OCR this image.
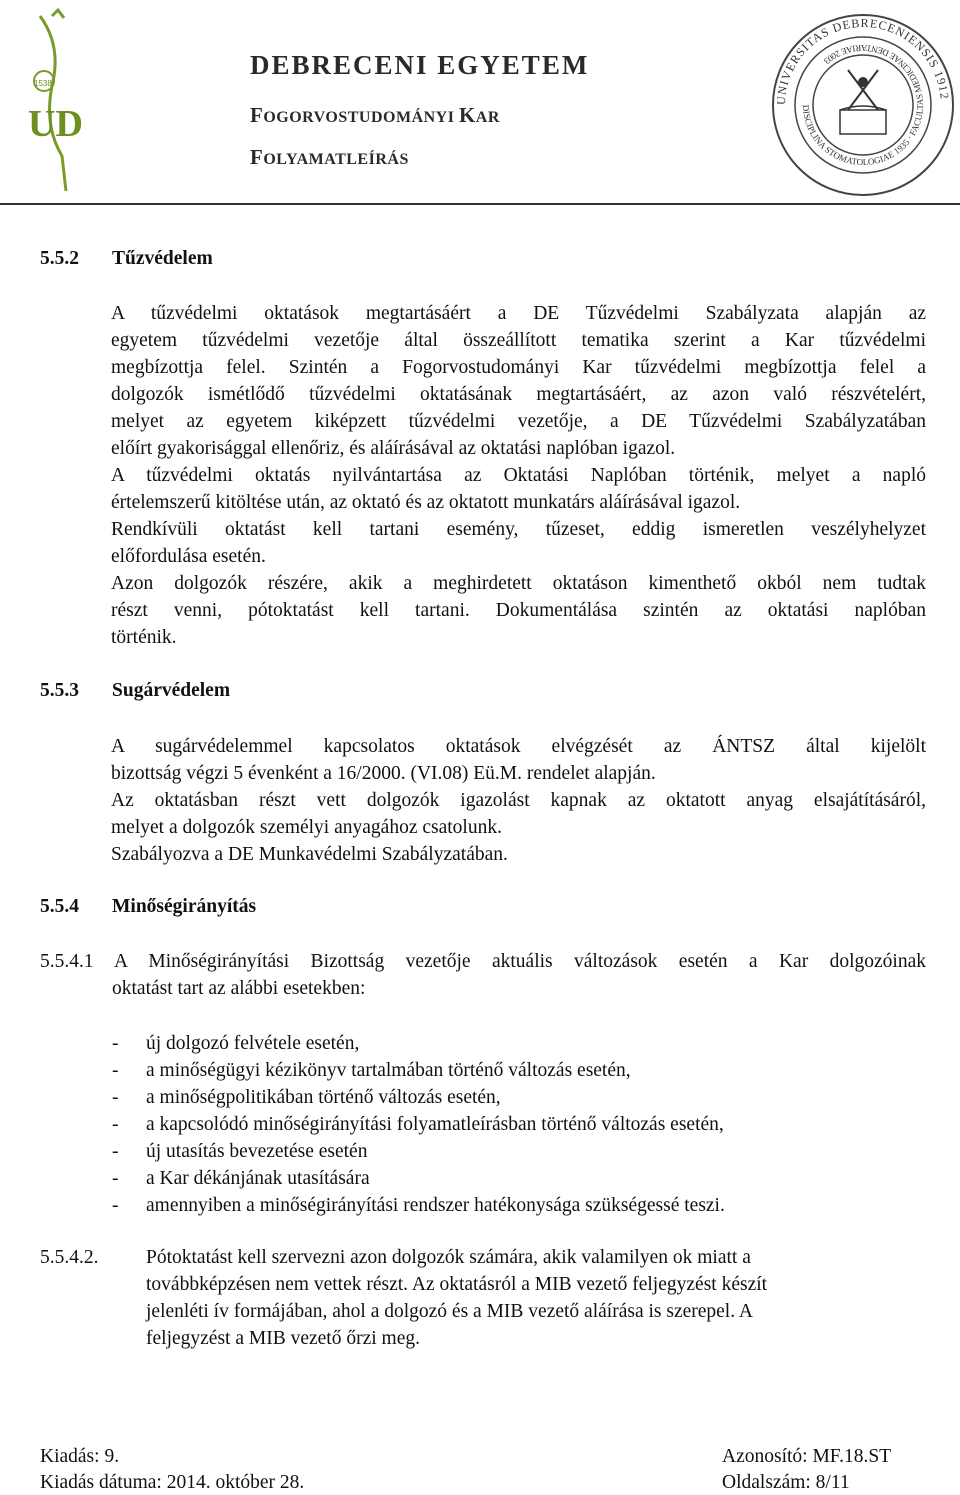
UD
1538
DEBRECENI EGYETEM
FOGORVOSTUDOMÁNYI KAR
FOLYAMATLEÍRÁS
UNIVERSITAS DEBRECENIENSIS 1912
DISCIPLINA STOMATOLOGIAE 1935 · FACULTAS MEDICINAE DENTARIAE 2003
5.5.2 Tűzvédelem
A tűzvédelmi oktatások megtartásáért a DE Tűzvédelmi Szabályzata alapján az
egyetem tűzvédelmi vezetője által összeállított tematika szerint a Kar tűzvédelmi
megbízottja felel. Szintén a Fogorvostudományi Kar tűzvédelmi megbízottja felel a
dolgozók ismétlődő tűzvédelmi oktatásának megtartásáért, az azon való részvételért,
melyet az egyetem kiképzett tűzvédelmi vezetője, a DE Tűzvédelmi Szabályzatában
előírt gyakorisággal ellenőriz, és aláírásával az oktatási naplóban igazol.
A tűzvédelmi oktatás nyilvántartása az Oktatási Naplóban történik, melyet a napló
értelemszerű kitöltése után, az oktató és az oktatott munkatárs aláírásával igazol.
Rendkívüli oktatást kell tartani esemény, tűzeset, eddig ismeretlen veszélyhelyzet
előfordulása esetén.
Azon dolgozók részére, akik a meghirdetett oktatáson kimenthető okból nem tudtak
részt venni, pótoktatást kell tartani. Dokumentálása szintén az oktatási naplóban
történik.
5.5.3 Sugárvédelem
A sugárvédelemmel kapcsolatos oktatások elvégzését az ÁNTSZ által kijelölt
bizottság végzi 5 évenként a 16/2000. (VI.08) Eü.M. rendelet alapján.
Az oktatásban részt vett dolgozók igazolást kapnak az oktatott anyag elsajátításáról,
melyet a dolgozók személyi anyagához csatolunk.
Szabályozva a DE Munkavédelmi Szabályzatában.
5.5.4 Minőségirányítás
5.5.4.1 A Minőségirányítási Bizottság vezetője aktuális változások esetén a Kar dolgozóinak
oktatást tart az alábbi esetekben:
- új dolgozó felvétele esetén,
- a minőségügyi kézikönyv tartalmában történő változás esetén,
- a minőségpolitikában történő változás esetén,
- a kapcsolódó minőségirányítási folyamatleírásban történő változás esetén,
- új utasítás bevezetése esetén
- a Kar dékánjának utasítására
- amennyiben a minőségirányítási rendszer hatékonysága szükségessé teszi.
5.5.4.2. Pótoktatást kell szervezni azon dolgozók számára, akik valamilyen ok miatt a
továbbképzésen nem vettek részt. Az oktatásról a MIB vezető feljegyzést készít
jelenléti ív formájában, ahol a dolgozó és a MIB vezető aláírása is szerepel. A
feljegyzést a MIB vezető őrzi meg.
Kiadás: 9.
Kiadás dátuma: 2014. október 28.
Azonosító: MF.18.ST
Oldalszám: 8/11
